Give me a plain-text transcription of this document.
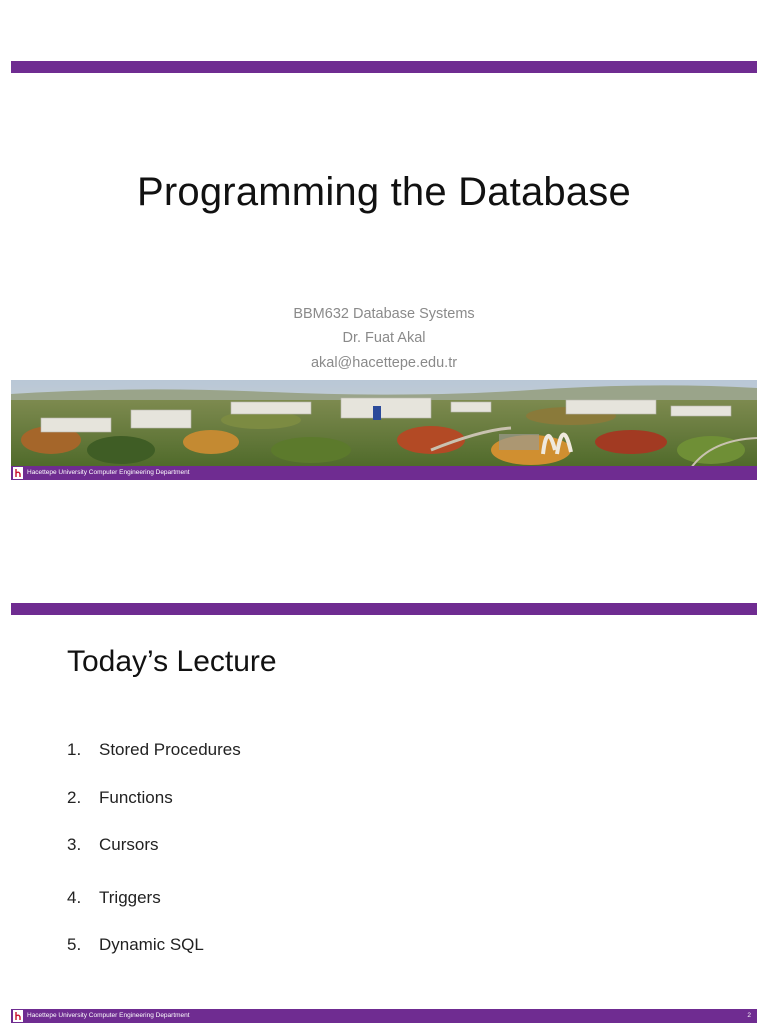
Programming the Database
BBM632 Database Systems
Dr. Fuat Akal
akal@hacettepe.edu.tr
Hacettepe University Computer Engineering Department
Today’s Lecture
1. Stored Procedures
2. Functions
3. Cursors
4. Triggers
5. Dynamic SQL
Hacettepe University Computer Engineering Department	2
